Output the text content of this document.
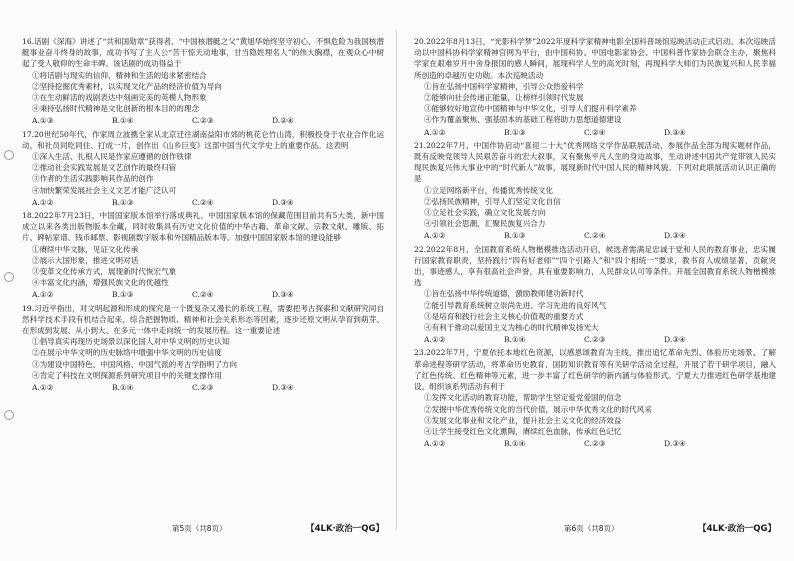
16.话剧《深海》讲述了“共和国勋章”获得者、“中国核潜艇之父”黄旭华始终坚守初心、不惧危险为我国核潜艇事业奋斗终身的故事，成功书写了主人公“苦干惊天动地事，甘当隐姓埋名人”的伟大胸襟，在观众心中树起了受人敬仰的生命丰碑。该话剧的成功得益于
①将话剧与现实的信仰、精神和生活的追求紧密结合
②坚持挖掘优秀素材，以实现文化产品的经济价值为导向
③在生动鲜活的戏剧表达中刻画完美的英模人物形象
④秉持弘扬时代精神是文化创新的根本目的的理念
A.①③	B.①④	C.②③	D.②④
17.20世纪50年代，作家周立波携全家从北京迁往湖南益阳市郊的桃花仑竹山湾，积极投身于农业合作化运动，和社员同吃同住、打成一片，创作出《山乡巨变》这部中国当代文学史上的重要作品。这表明
①深入生活、扎根人民是作家应遵循的创作铁律
②推动社会实践发展是文艺创作的最终归宿
③作者的生活实践影响其作品的创作
④加快繁荣发展社会主义文艺才能广泛认可
A.①②	B.①③	C.②④	D.③④
18.2022年7月23日，中国国家版本馆举行落成典礼。中国国家版本馆的保藏范围目前共有5大类，新中国成立以来各类出版物版本全藏，同时收集具有历史文化价值的中华古籍、革命文献、宗教文献、雕版、拓片、碑帖家谱、钱币邮票、影视剧数字版本和外国精品版本等。加强中国国家版本馆的建设能够
①赓续中华文脉，见证文化传承
②展示大国形象，推进文明对话
③变革文化传承方式，展现新时代恢宏气象
④丰富文化内涵，增强民族文化的优越性
A.①②	B.①③	C.②④	D.③④
19.习近平指出，对文明起源和形成的探究是一个既复杂又漫长的系统工程，需要把考古探索和文献研究同自然科学技术手段有机结合起来，综合把握物质、精神和社会关系形态等因素，逐步还原文明从孕育到萌芽、在形成到发展、从小到大、在多元一体中走向统一的发展历程。这一重要论述
①倡导真实再现历史场景以深化国人对中华文明的历史认知
②在展示中华文明的历史脉络中增强中华文明的历史信度
③为建设中国特色、中国风格、中国气派的考古学指明了方向
④肯定了科技在文明探源系列研究项目中的关键支撑作用
A.①②	B.①④	C.②③	D.③④
20.2022年8月13日，“光影科学梦”2022年度科学家精神电影全国科普场馆巡映活动正式启动。本次巡映活动以中国科协科学家精神官网为平台，由中国科协、中国电影家协会、中国科普作家协会联合主办，聚焦科学家在艰难岁月中舍身报国的感人瞬间，展现科学人生的高光时刻，再现科学大师们为民族复兴和人民幸福所创造的卓越历史功勋。本次巡映活动
①旨在弘扬中国科学家精神，引导公众热爱科学
②能够向社会传递正能量，让榜样引领时代发展
③能够较好地宣传中国精神与中华文化，引导人们提升科学素养
④作为覆盖聚焦、强基固本的基础工程将助力思想道德建设
A.①②	B.①③	C.②④	D.③④
21.2022年7月，中国作协启动“喜迎二十大”优秀网络文学作品联展活动，参展作品全部为现实题材作品，既有反映党领导人民艰苦奋斗的宏大叙事，又有聚焦平凡人生的身边故事，生动讲述中国共产党带领人民实现民族复兴伟大事业中的“时代新人”故事，展现新时代中国人民的精神风貌。下列对此联展活动认识正确的是
①立足网络新平台，传播优秀传统文化
②弘扬民族精神，引导人们坚定文化自信
③立足社会实践，确立文化发展方向
④引领社会思潮，汇聚民族复兴合力
A.①②	B.①③	C.②④	D.③④
22.2022年8月，全国教育系统人物楷模推选活动开启，候选者需满足忠诚于党和人民的教育事业，忠实履行国家教育职责，坚持践行“四有好老师”“四个引路人”和“四个相统一”要求，教书育人成绩显著，贡献突出，事迹感人，享有很高社会声誉，具有重要影响力，人民群众认可等条件。开展全国教育系统人物楷模推选
①旨在弘扬中华传统道德，激励教师建功新时代
②能引导教育系统树立崇尚先进、学习先进的良好风气
③是培育和践行社会主义核心价值观的重要方式
④有利于推动以爱国主义为核心的时代精神发扬光大
A.①②	B.①④	C.②③	D.③④
23.2022年7月，宁夏依托本地红色资源，以感恩颂教育为主线，推出追忆革命先烈、体验历史场景、了解革命进程等研学活动，将革命历史教育、国防知识教育等有关研学活动全过程，开展了若干研学项目，融入了红色传统、红色精神等元素，进一步丰富了红色研学的新内涵与体验形式。宁夏大力推进红色研学基地建设。组织该系列活动有利于
①发挥文化活动的教育功能，帮助学生坚定爱党爱国的信念
②发掘中华优秀传统文化的当代价值，展示中华优秀文化的时代风采
③发展文化事业和文化产业，提升社会主义文化的经济效益
④让学生接受红色文化熏陶，赓续红色血脉，传承红色记忆
A.①②	B.①④	C.②③	D.③④
第5页（共8页）	【4LK·政治一QG】	第6页（共8页）	【4LK·政治一QG】
